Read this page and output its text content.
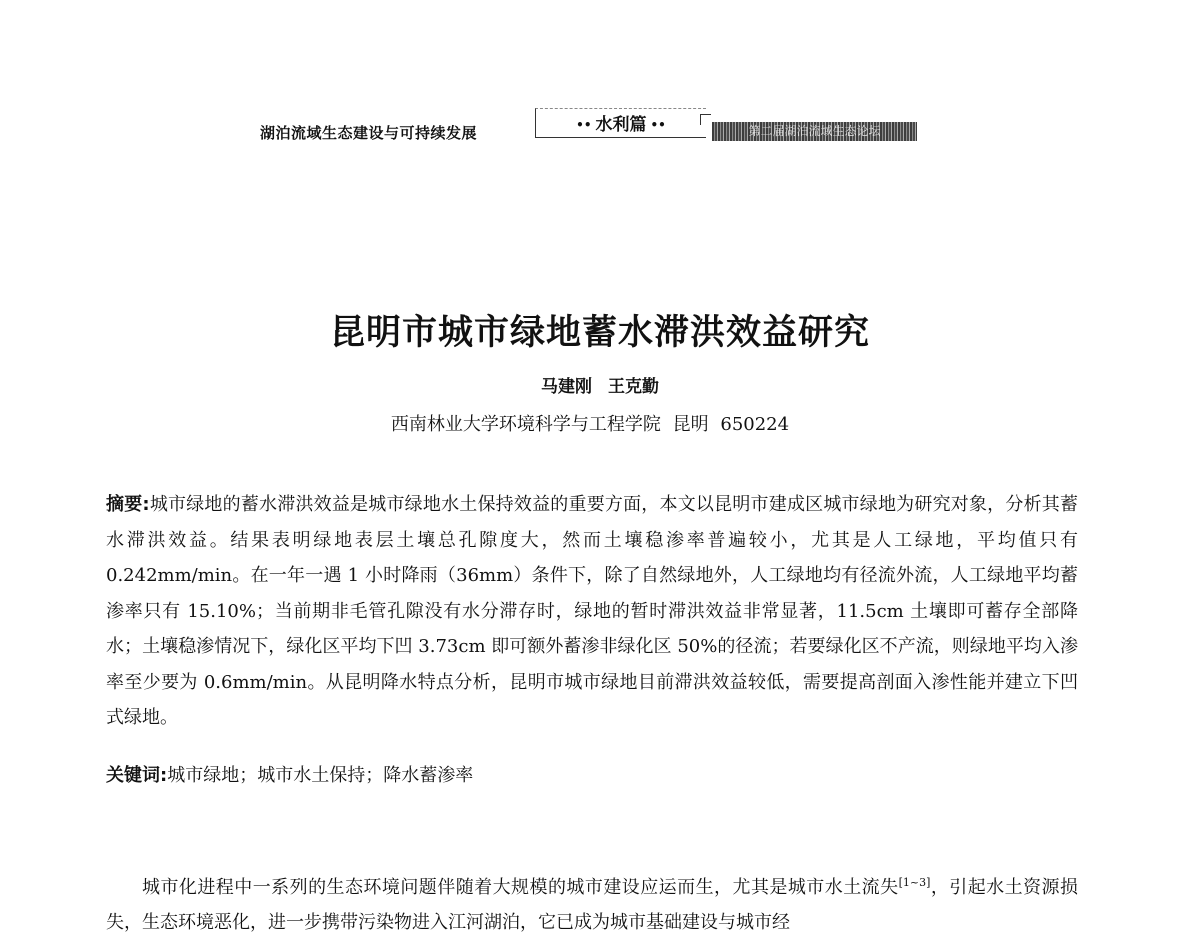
湖泊流域生态建设与可持续发展	•• 水利篇 ••	第二届湖泊流域生态论坛
昆明市城市绿地蓄水滞洪效益研究
马建刚 王克勤
西南林业大学环境科学与工程学院 昆明 650224
摘要:城市绿地的蓄水滞洪效益是城市绿地水土保持效益的重要方面，本文以昆明市建成区城市绿地为研究对象，分析其蓄水滞洪效益。结果表明绿地表层土壤总孔隙度大，然而土壤稳渗率普遍较小，尤其是人工绿地，平均值只有 0.242mm/min。在一年一遇 1 小时降雨（36mm）条件下，除了自然绿地外，人工绿地均有径流外流，人工绿地平均蓄渗率只有 15.10%；当前期非毛管孔隙没有水分滞存时，绿地的暂时滞洪效益非常显著，11.5cm 土壤即可蓄存全部降水；土壤稳渗情况下，绿化区平均下凹 3.73cm 即可额外蓄渗非绿化区 50%的径流；若要绿化区不产流，则绿地平均入渗率至少要为 0.6mm/min。从昆明降水特点分析，昆明市城市绿地目前滞洪效益较低，需要提高剖面入渗性能并建立下凹式绿地。
关键词:城市绿地；城市水土保持；降水蓄渗率
城市化进程中一系列的生态环境问题伴随着大规模的城市建设应运而生，尤其是城市水土流失[1~3]，引起水土资源损失，生态环境恶化，进一步携带污染物进入江河湖泊，它已成为城市基础建设与城市经
